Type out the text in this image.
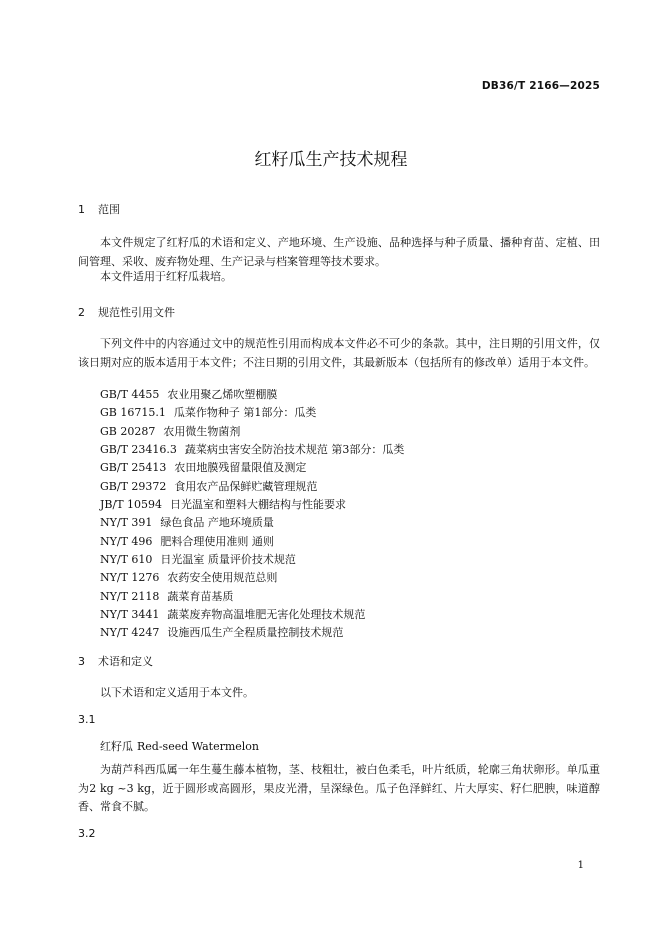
DB36/T 2166—2025
红籽瓜生产技术规程
1 范围
本文件规定了红籽瓜的术语和定义、产地环境、生产设施、品种选择与种子质量、播种育苗、定植、田间管理、采收、废弃物处理、生产记录与档案管理等技术要求。
本文件适用于红籽瓜栽培。
2 规范性引用文件
下列文件中的内容通过文中的规范性引用而构成本文件必不可少的条款。其中，注日期的引用文件，仅该日期对应的版本适用于本文件；不注日期的引用文件，其最新版本（包括所有的修改单）适用于本文件。
GB/T 4455 农业用聚乙烯吹塑棚膜
GB 16715.1 瓜菜作物种子 第1部分：瓜类
GB 20287 农用微生物菌剂
GB/T 23416.3 蔬菜病虫害安全防治技术规范 第3部分：瓜类
GB/T 25413 农田地膜残留量限值及测定
GB/T 29372 食用农产品保鲜贮藏管理规范
JB/T 10594 日光温室和塑料大棚结构与性能要求
NY/T 391 绿色食品 产地环境质量
NY/T 496 肥料合理使用准则 通则
NY/T 610 日光温室 质量评价技术规范
NY/T 1276 农药安全使用规范总则
NY/T 2118 蔬菜育苗基质
NY/T 3441 蔬菜废弃物高温堆肥无害化处理技术规范
NY/T 4247 设施西瓜生产全程质量控制技术规范
3 术语和定义
以下术语和定义适用于本文件。
3.1
红籽瓜 Red-seed Watermelon
为葫芦科西瓜属一年生蔓生藤本植物，茎、枝粗壮，被白色柔毛，叶片纸质，轮廓三角状卵形。单瓜重为2 kg ~3 kg，近于圆形或高圆形，果皮光滑，呈深绿色。瓜子色泽鲜红、片大厚实、籽仁肥腴，味道醇香、常食不腻。
3.2
1
